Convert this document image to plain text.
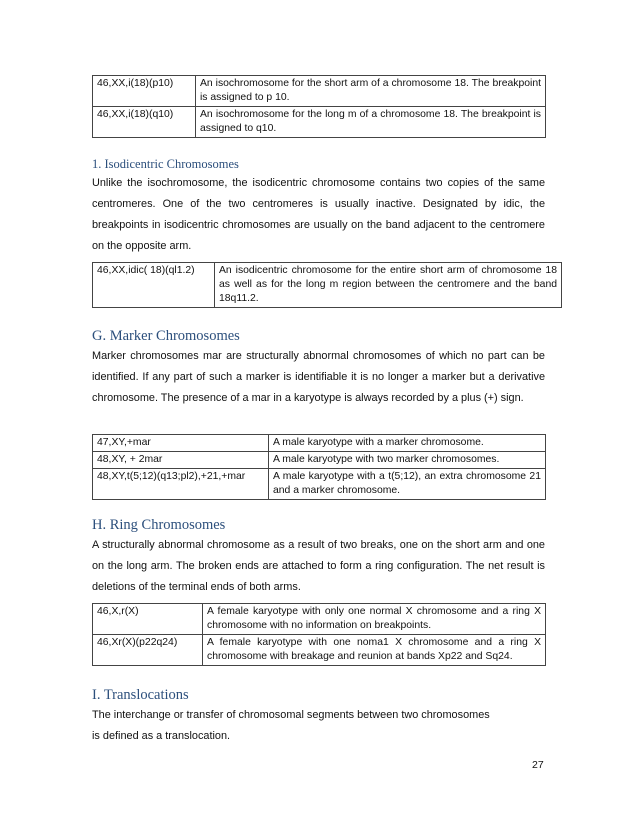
46,XX,i(18)(p10)	An isochromosome for the short arm of a chromosome 18. The breakpoint is assigned to p 10.
46,XX,i(18)(q10)	An isochromosome for the long m of a chromosome 18. The breakpoint is assigned to q10.
1. Isodicentric Chromosomes
Unlike the isochromosome, the isodicentric chromosome contains two copies of the same centromeres. One of the two centromeres is usually inactive. Designated by idic, the breakpoints in isodicentric chromosomes are usually on the band adjacent to the centromere on the opposite arm.
46,XX,idic( 18)(ql1.2)	An isodicentric chromosome for the entire short arm of chromosome 18 as well as for the long m region between the centromere and the band 18q11.2.
G. Marker Chromosomes
Marker chromosomes mar are structurally abnormal chromosomes of which no part can be identified. If any part of such a marker is identifiable it is no longer a marker but a derivative chromosome. The presence of a mar in a karyotype is always recorded by a plus (+) sign.
47,XY,+mar	A male karyotype with a marker chromosome.
48,XY, + 2mar	A male karyotype with two marker chromosomes.
48,XY,t(5;12)(q13;pl2),+21,+mar	A male karyotype with a t(5;12), an extra chromosome 21 and a marker chromosome.
H. Ring Chromosomes
A structurally abnormal chromosome as a result of two breaks, one on the short arm and one on the long arm. The broken ends are attached to form a ring configuration. The net result is deletions of the terminal ends of both arms.
46,X,r(X)	A female karyotype with only one normal X chromosome and a ring X chromosome with no information on breakpoints.
46,Xr(X)(p22q24)	A female karyotype with one noma1 X chromosome and a ring X chromosome with breakage and reunion at bands Xp22 and Sq24.
I. Translocations
The interchange or transfer of chromosomal segments between two chromosomes
is defined as a translocation.
27
